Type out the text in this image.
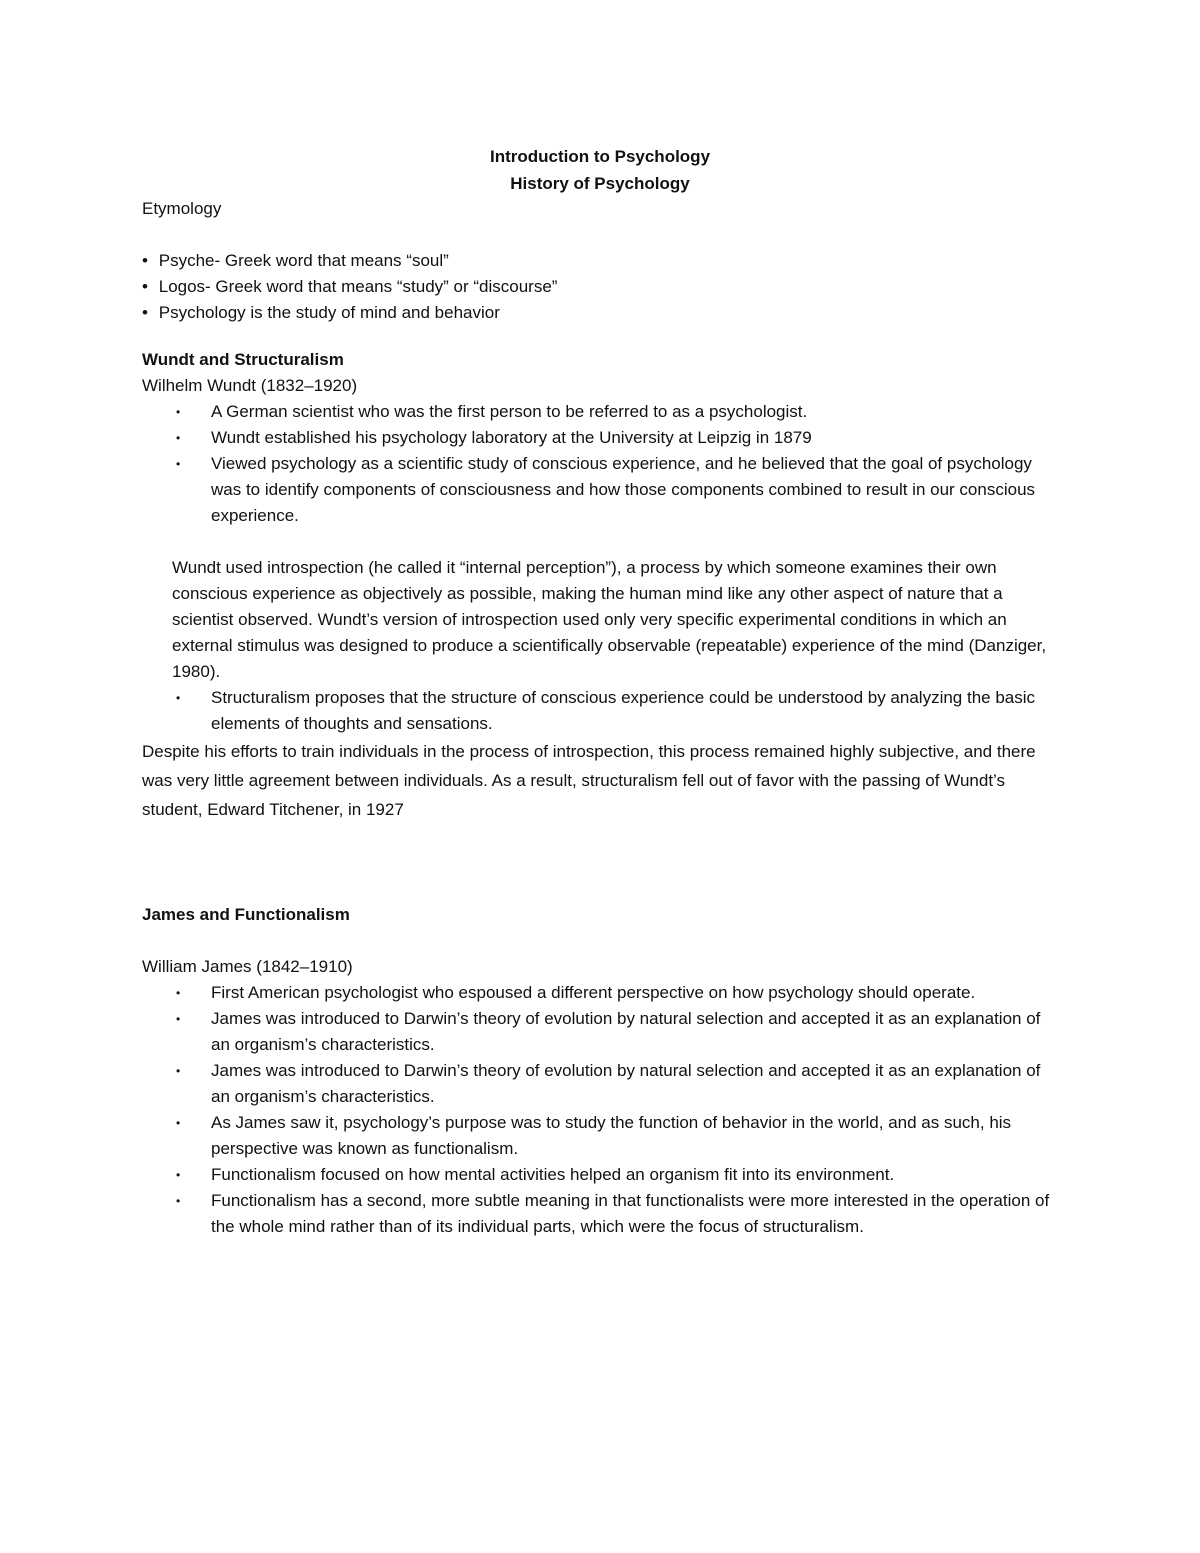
Introduction to Psychology
History of Psychology
Etymology
• Psyche- Greek word that means “soul”
• Logos- Greek word that means “study” or “discourse”
• Psychology is the study of mind and behavior
Wundt and Structuralism
Wilhelm Wundt (1832–1920)
• A German scientist who was the first person to be referred to as a psychologist.
• Wundt established his psychology laboratory at the University at Leipzig in 1879
• Viewed psychology as a scientific study of conscious experience, and he believed that the goal of psychology was to identify components of consciousness and how those components combined to result in our conscious experience.
Wundt used introspection (he called it “internal perception”), a process by which someone examines their own conscious experience as objectively as possible, making the human mind like any other aspect of nature that a scientist observed. Wundt’s version of introspection used only very specific experimental conditions in which an external stimulus was designed to produce a scientifically observable (repeatable) experience of the mind (Danziger, 1980).
• Structuralism proposes that the structure of conscious experience could be understood by analyzing the basic elements of thoughts and sensations.
Despite his efforts to train individuals in the process of introspection, this process remained highly subjective, and there was very little agreement between individuals. As a result, structuralism fell out of favor with the passing of Wundt’s student, Edward Titchener, in 1927
James and Functionalism
William James (1842–1910)
• First American psychologist who espoused a different perspective on how psychology should operate.
• James was introduced to Darwin’s theory of evolution by natural selection and accepted it as an explanation of an organism’s characteristics.
• James was introduced to Darwin’s theory of evolution by natural selection and accepted it as an explanation of an organism’s characteristics.
• As James saw it, psychology’s purpose was to study the function of behavior in the world, and as such, his perspective was known as functionalism.
• Functionalism focused on how mental activities helped an organism fit into its environment.
• Functionalism has a second, more subtle meaning in that functionalists were more interested in the operation of the whole mind rather than of its individual parts, which were the focus of structuralism.
